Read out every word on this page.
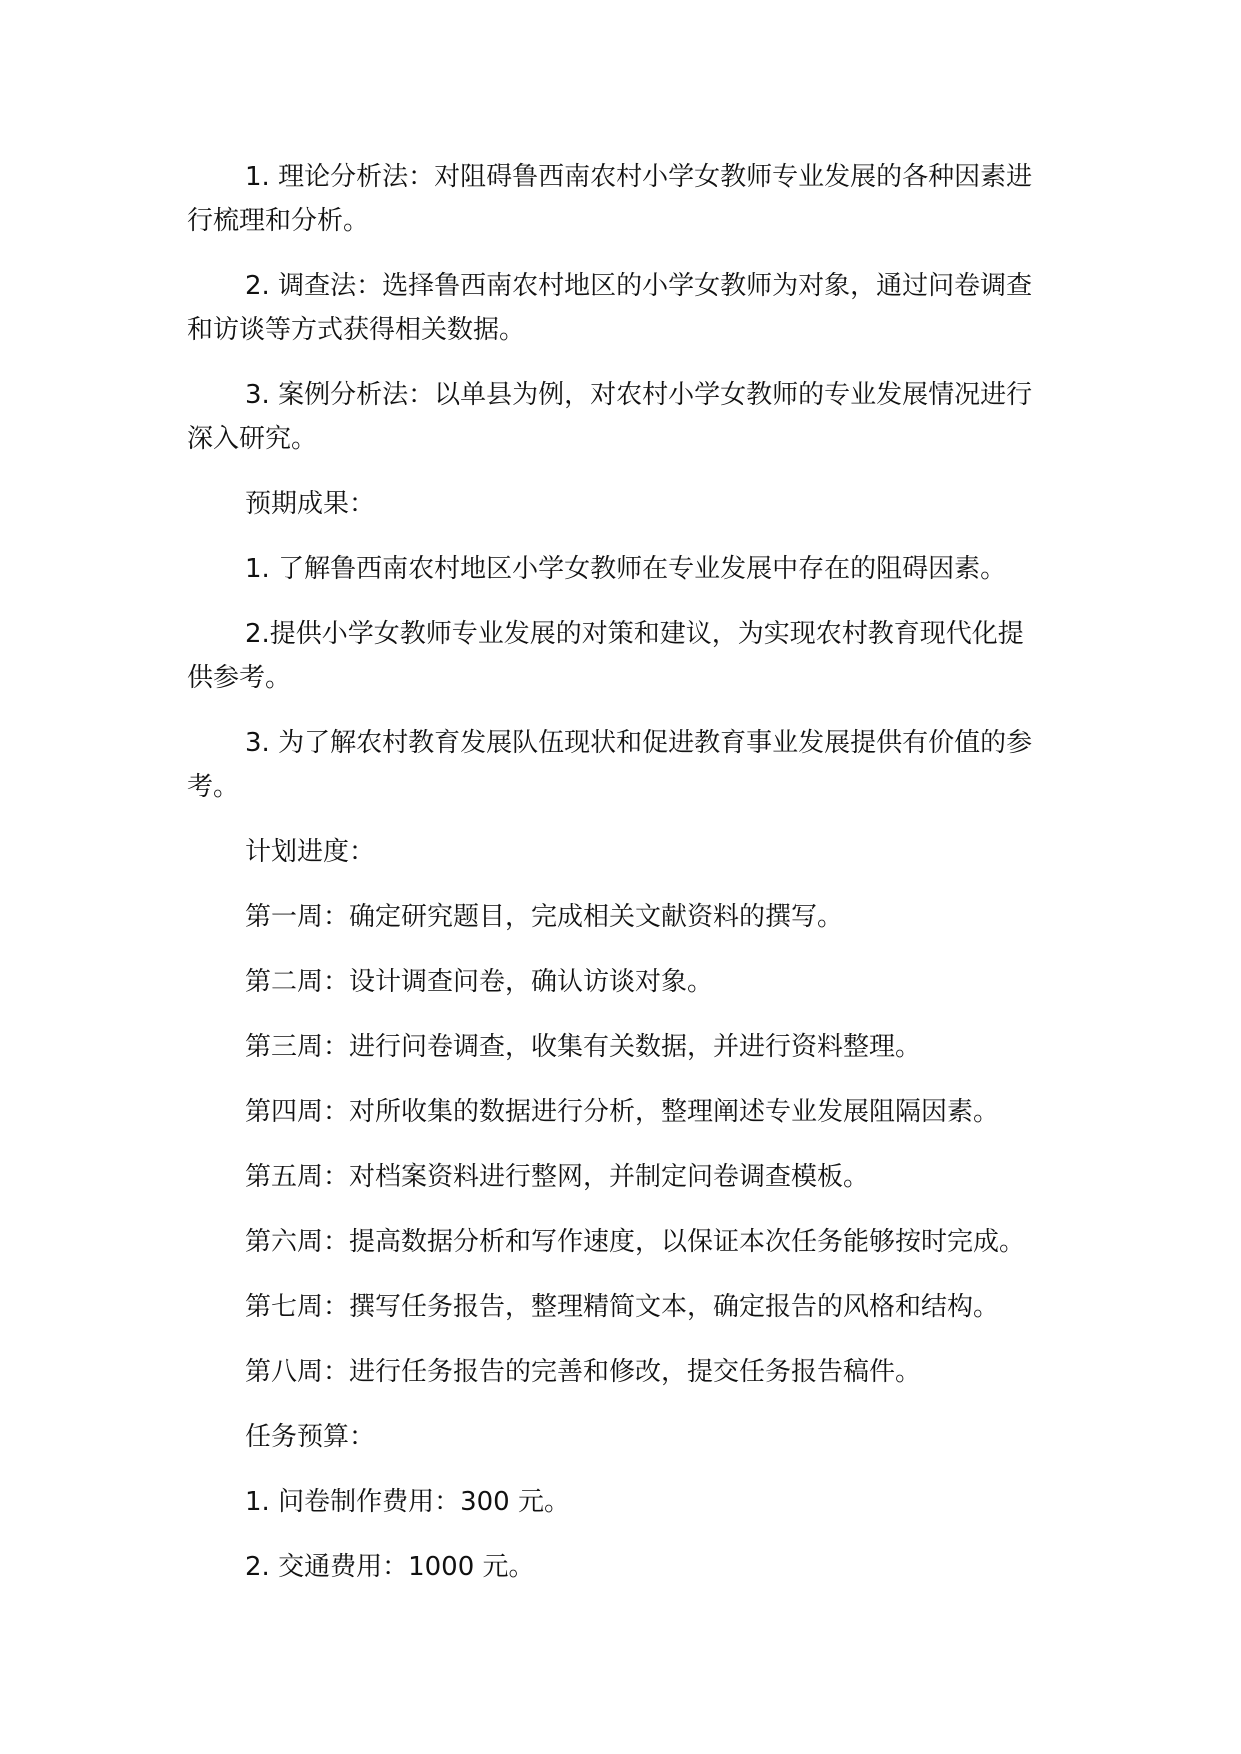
1. 理论分析法：对阻碍鲁西南农村小学女教师专业发展的各种因素进行梳理和分析。

2. 调查法：选择鲁西南农村地区的小学女教师为对象，通过问卷调查和访谈等方式获得相关数据。

3. 案例分析法：以单县为例，对农村小学女教师的专业发展情况进行深入研究。

预期成果：

1. 了解鲁西南农村地区小学女教师在专业发展中存在的阻碍因素。

2.提供小学女教师专业发展的对策和建议，为实现农村教育现代化提供参考。

3. 为了解农村教育发展队伍现状和促进教育事业发展提供有价值的参考。

计划进度：

第一周：确定研究题目，完成相关文献资料的撰写。

第二周：设计调查问卷，确认访谈对象。

第三周：进行问卷调查，收集有关数据，并进行资料整理。

第四周：对所收集的数据进行分析，整理阐述专业发展阻隔因素。

第五周：对档案资料进行整网，并制定问卷调查模板。

第六周：提高数据分析和写作速度，以保证本次任务能够按时完成。

第七周：撰写任务报告，整理精简文本，确定报告的风格和结构。

第八周：进行任务报告的完善和修改，提交任务报告稿件。

任务预算：

1. 问卷制作费用：300 元。

2. 交通费用：1000 元。
